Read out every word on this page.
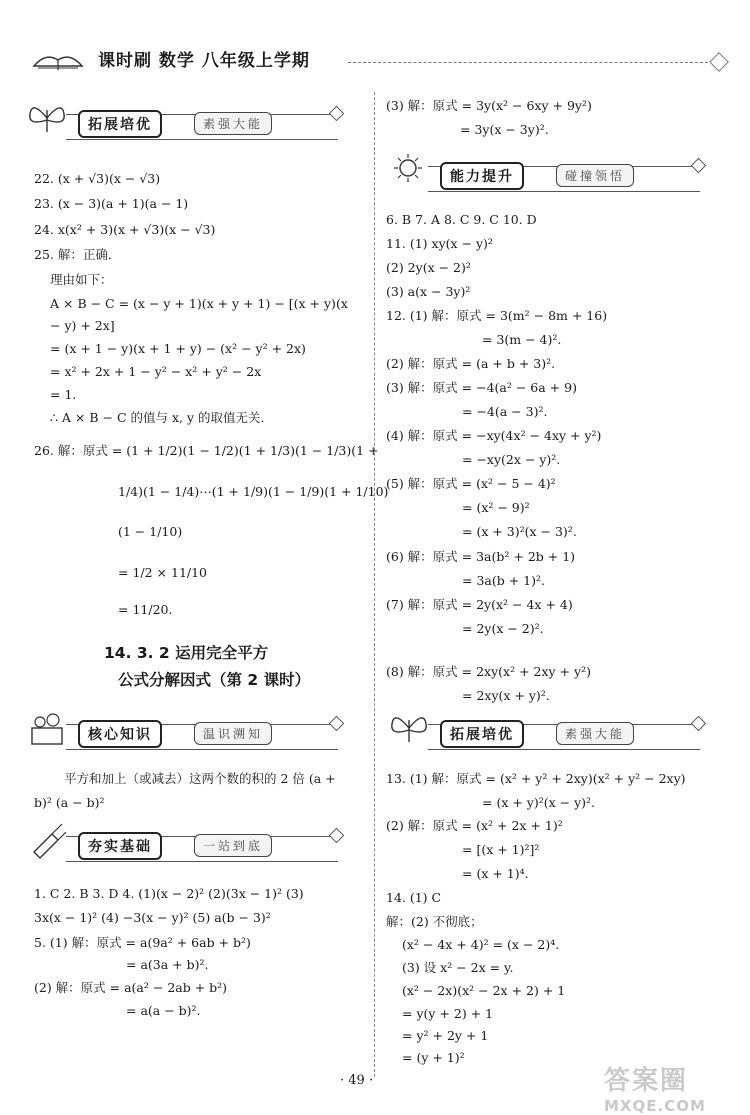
课时刷 数学 八年级上学期
拓展培优	素强大能
22. (x + √3)(x − √3)
23. (x − 3)(a + 1)(a − 1)
24. x(x² + 3)(x + √3)(x − √3)
25. 解：正确．
理由如下：
A × B − C = (x − y + 1)(x + y + 1) − [(x + y)(x
− y) + 2x]
= (x + 1 − y)(x + 1 + y) − (x² − y² + 2x)
= x² + 2x + 1 − y² − x² + y² − 2x
= 1.
∴ A × B − C 的值与 x, y 的取值无关．
26. 解：原式 = (1 + 1/2)(1 − 1/2)(1 + 1/3)(1 − 1/3)(1 +
1/4)(1 − 1/4)⋯(1 + 1/9)(1 − 1/9)(1 + 1/10)
(1 − 1/10)
= 1/2 × 11/10
= 11/20.
14. 3. 2 运用完全平方
公式分解因式（第 2 课时）
核心知识	温识溯知
平方和加上（或减去）这两个数的积的 2 倍 (a +
b)² (a − b)²
夯实基础	一站到底
1. C 2. B 3. D 4. (1)(x − 2)² (2)(3x − 1)² (3)
3x(x − 1)² (4) −3(x − y)² (5) a(b − 3)²
5. (1) 解：原式 = a(9a² + 6ab + b²)
= a(3a + b)².
(2) 解：原式 = a(a² − 2ab + b²)
= a(a − b)².
(3) 解：原式 = 3y(x² − 6xy + 9y²)
= 3y(x − 3y)².
能力提升	碰撞领悟
6. B 7. A 8. C 9. C 10. D
11. (1) xy(x − y)²
(2) 2y(x − 2)²
(3) a(x − 3y)²
12. (1) 解：原式 = 3(m² − 8m + 16)
= 3(m − 4)².
(2) 解：原式 = (a + b + 3)².
(3) 解：原式 = −4(a² − 6a + 9)
= −4(a − 3)².
(4) 解：原式 = −xy(4x² − 4xy + y²)
= −xy(2x − y)².
(5) 解：原式 = (x² − 5 − 4)²
= (x² − 9)²
= (x + 3)²(x − 3)².
(6) 解：原式 = 3a(b² + 2b + 1)
= 3a(b + 1)².
(7) 解：原式 = 2y(x² − 4x + 4)
= 2y(x − 2)².
(8) 解：原式 = 2xy(x² + 2xy + y²)
= 2xy(x + y)².
拓展培优	素强大能
13. (1) 解：原式 = (x² + y² + 2xy)(x² + y² − 2xy)
= (x + y)²(x − y)².
(2) 解：原式 = (x² + 2x + 1)²
= [(x + 1)²]²
= (x + 1)⁴.
14. (1) C
解：(2) 不彻底；
(x² − 4x + 4)² = (x − 2)⁴.
(3) 设 x² − 2x = y.
(x² − 2x)(x² − 2x + 2) + 1
= y(y + 2) + 1
= y² + 2y + 1
= (y + 1)²
· 49 ·	答案圈
MXQE.COM
